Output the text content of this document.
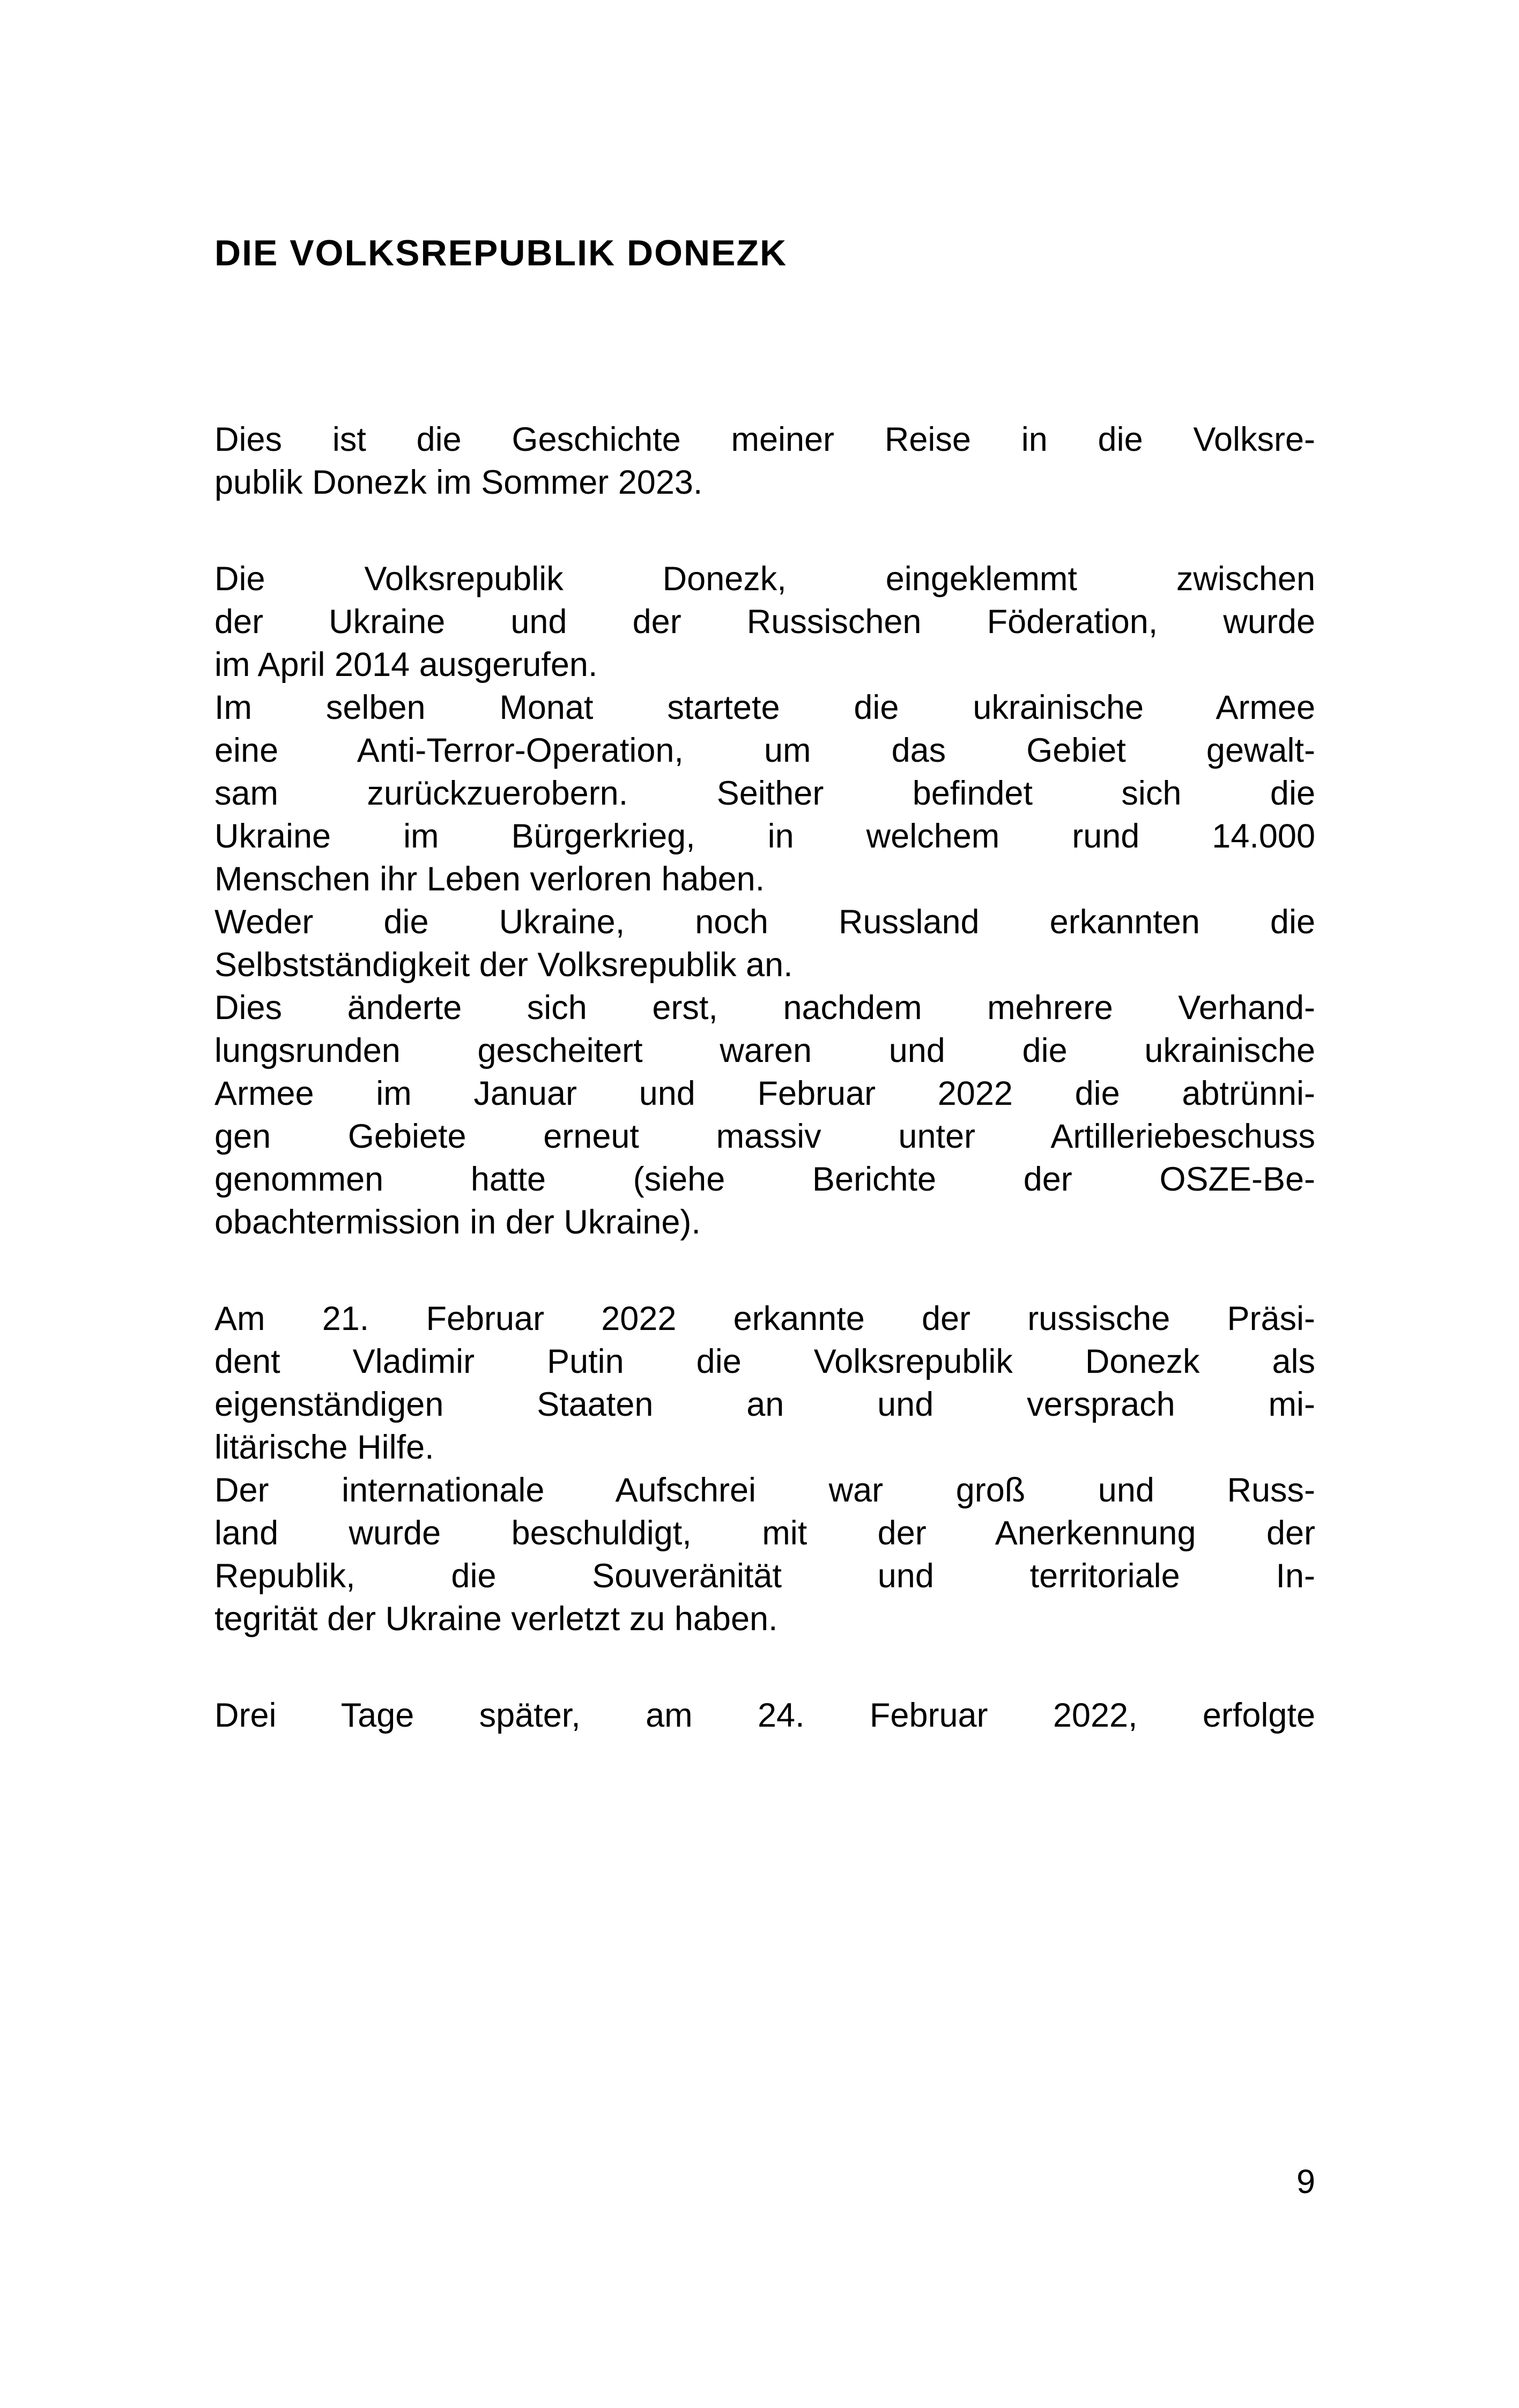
DIE VOLKSREPUBLIK DONEZK
Dies ist die Geschichte meiner Reise in die Volksre-
publik Donezk im Sommer 2023.
Die Volksrepublik Donezk, eingeklemmt zwischen
der Ukraine und der Russischen Föderation, wurde
im April 2014 ausgerufen.
Im selben Monat startete die ukrainische Armee
eine Anti-Terror-Operation, um das Gebiet gewalt-
sam zurückzuerobern. Seither befindet sich die
Ukraine im Bürgerkrieg, in welchem rund 14.000
Menschen ihr Leben verloren haben.
Weder die Ukraine, noch Russland erkannten die
Selbstständigkeit der Volksrepublik an.
Dies änderte sich erst, nachdem mehrere Verhand-
lungsrunden gescheitert waren und die ukrainische
Armee im Januar und Februar 2022 die abtrünni-
gen Gebiete erneut massiv unter Artilleriebeschuss
genommen hatte (siehe Berichte der OSZE-Be-
obachtermission in der Ukraine).
Am 21. Februar 2022 erkannte der russische Präsi-
dent Vladimir Putin die Volksrepublik Donezk als
eigenständigen Staaten an und versprach mi-
litärische Hilfe.
Der internationale Aufschrei war groß und Russ-
land wurde beschuldigt, mit der Anerkennung der
Republik, die Souveränität und territoriale In-
tegrität der Ukraine verletzt zu haben.
Drei Tage später, am 24. Februar 2022, erfolgte
9
